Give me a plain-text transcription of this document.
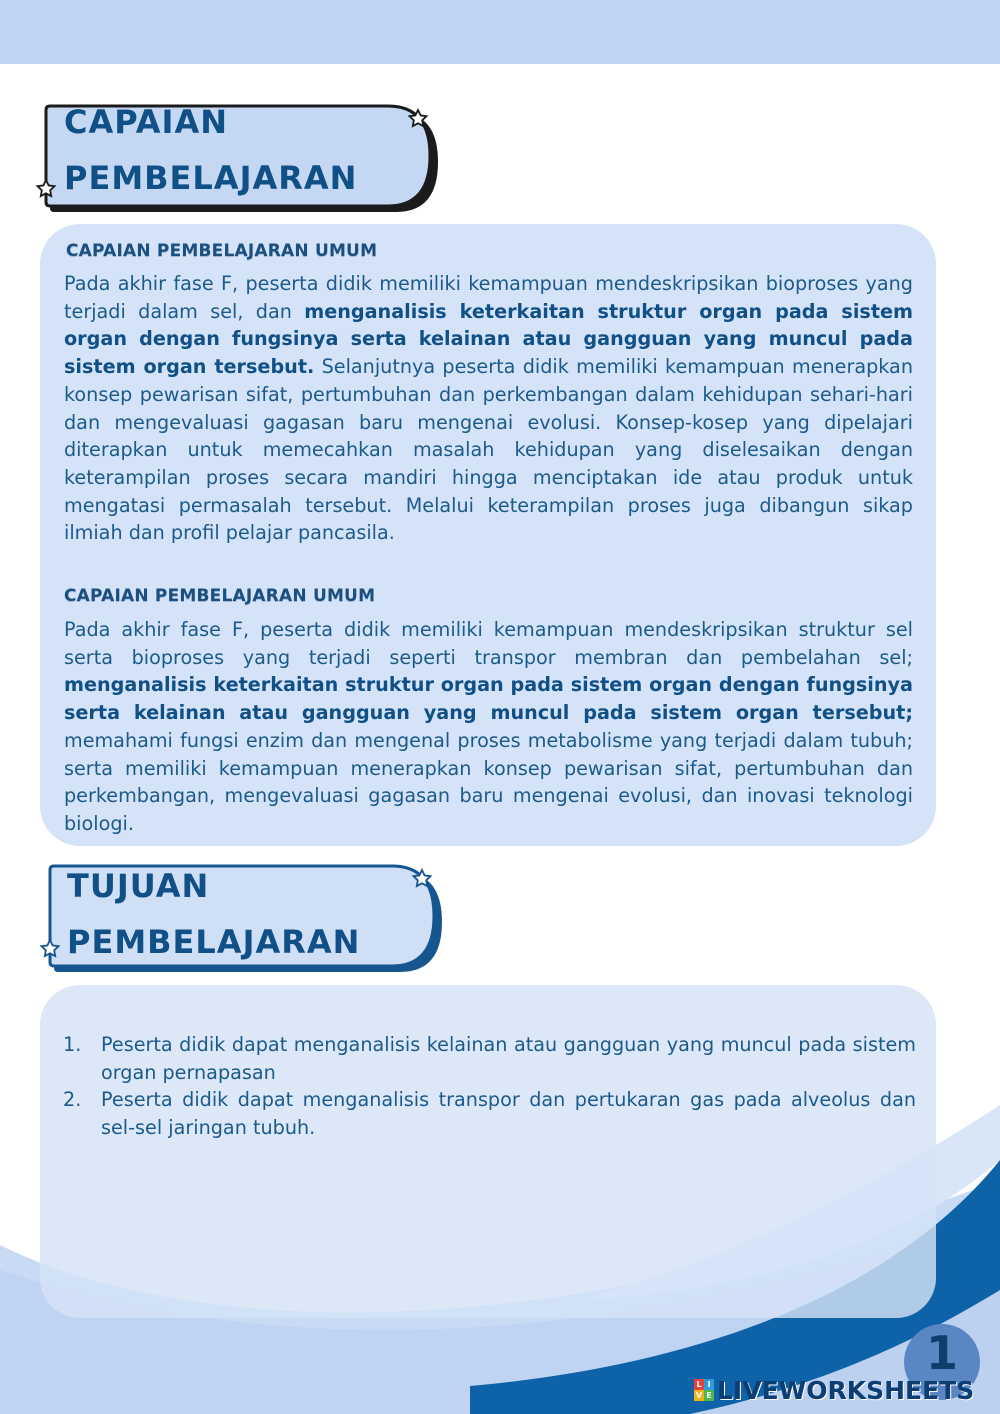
CAPAIAN
PEMBELAJARAN
CAPAIAN PEMBELAJARAN UMUM
Pada akhir fase F, peserta didik memiliki kemampuan mendeskripsikan bioproses yang terjadi dalam sel, dan menganalisis keterkaitan struktur organ pada sistem organ dengan fungsinya serta kelainan atau gangguan yang muncul pada sistem organ tersebut. Selanjutnya peserta didik memiliki kemampuan menerapkan konsep pewarisan sifat, pertumbuhan dan perkembangan dalam kehidupan sehari-hari dan mengevaluasi gagasan baru mengenai evolusi. Konsep-kosep yang dipelajari diterapkan untuk memecahkan masalah kehidupan yang diselesaikan dengan keterampilan proses secara mandiri hingga menciptakan ide atau produk untuk mengatasi permasalah tersebut. Melalui keterampilan proses juga dibangun sikap ilmiah dan profil pelajar pancasila.
CAPAIAN PEMBELAJARAN UMUM
Pada akhir fase F, peserta didik memiliki kemampuan mendeskripsikan struktur sel serta bioproses yang terjadi seperti transpor membran dan pembelahan sel; menganalisis keterkaitan struktur organ pada sistem organ dengan fungsinya serta kelainan atau gangguan yang muncul pada sistem organ tersebut; memahami fungsi enzim dan mengenal proses metabolisme yang terjadi dalam tubuh; serta memiliki kemampuan menerapkan konsep pewarisan sifat, pertumbuhan dan perkembangan, mengevaluasi gagasan baru mengenai evolusi, dan inovasi teknologi biologi.
TUJUAN
PEMBELAJARAN
1. Peserta didik dapat menganalisis kelainan atau gangguan yang muncul pada sistem organ pernapasan
2. Peserta didik dapat menganalisis transpor dan pertukaran gas pada alveolus dan sel-sel jaringan tubuh.
1
L I
V E LIVEWORKSHEETS
